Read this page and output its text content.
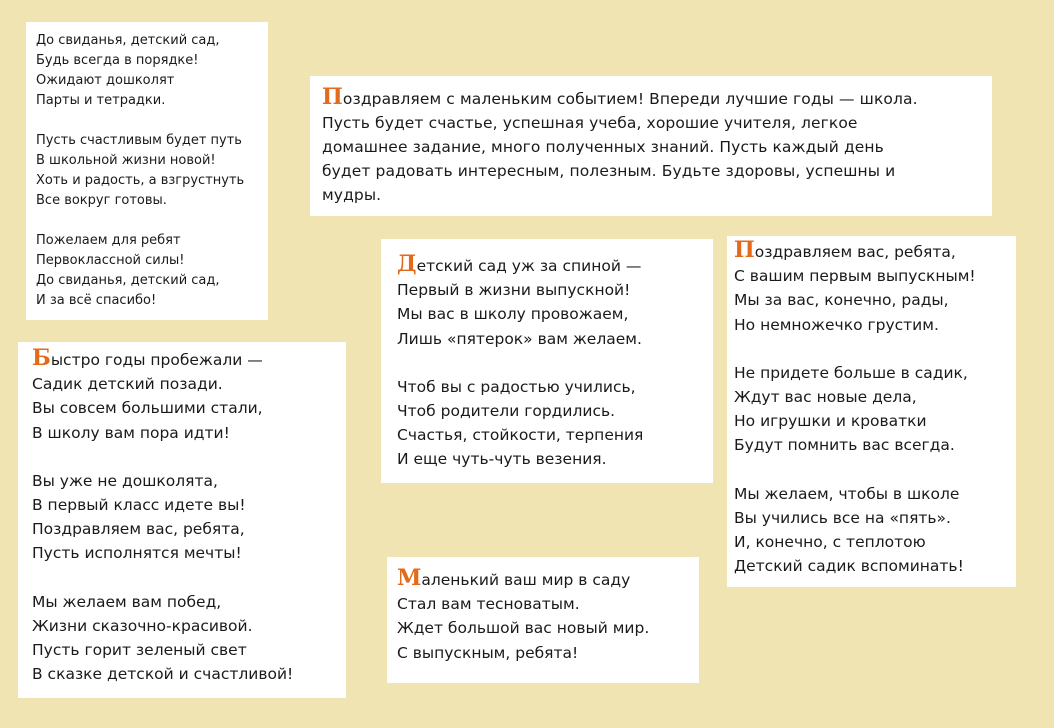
До свиданья, детский сад,
Будь всегда в порядке!
Ожидают дошколят
Парты и тетрадки.
Пусть счастливым будет путь
В школьной жизни новой!
Хоть и радость, а взгрустнуть
Все вокруг готовы.
Пожелаем для ребят
Первоклассной силы!
До свиданья, детский сад,
И за всё спасибо!
Поздравляем с маленьким событием! Впереди лучшие годы — школа.
Пусть будет счастье, успешная учеба, хорошие учителя, легкое
домашнее задание, много полученных знаний. Пусть каждый день
будет радовать интересным, полезным. Будьте здоровы, успешны и
мудры.
Быстро годы пробежали —
Садик детский позади.
Вы совсем большими стали,
В школу вам пора идти!
Вы уже не дошколята,
В первый класс идете вы!
Поздравляем вас, ребята,
Пусть исполнятся мечты!
Мы желаем вам побед,
Жизни сказочно-красивой.
Пусть горит зеленый свет
В сказке детской и счастливой!
Детский сад уж за спиной —
Первый в жизни выпускной!
Мы вас в школу провожаем,
Лишь «пятерок» вам желаем.
Чтоб вы с радостью учились,
Чтоб родители гордились.
Счастья, стойкости, терпения
И еще чуть-чуть везения.
Поздравляем вас, ребята,
С вашим первым выпускным!
Мы за вас, конечно, рады,
Но немножечко грустим.
Не придете больше в садик,
Ждут вас новые дела,
Но игрушки и кроватки
Будут помнить вас всегда.
Мы желаем, чтобы в школе
Вы учились все на «пять».
И, конечно, с теплотою
Детский садик вспоминать!
Маленький ваш мир в саду
Стал вам тесноватым.
Ждет большой вас новый мир.
С выпускным, ребята!
